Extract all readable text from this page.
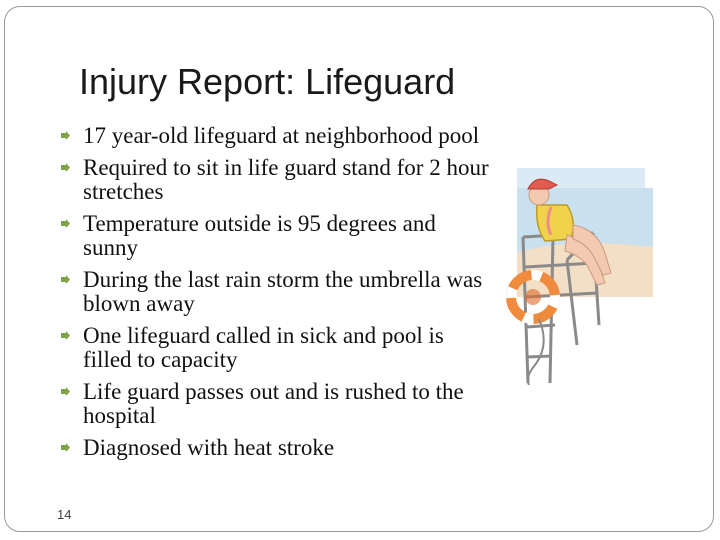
Injury Report: Lifeguard
17 year-old lifeguard at neighborhood pool
Required to sit in life guard stand for 2 hour stretches
Temperature outside is 95 degrees and sunny
During the last rain storm the umbrella was blown away
One lifeguard called in sick and pool is filled to capacity
Life guard passes out and is rushed to the hospital
Diagnosed with heat stroke
14
